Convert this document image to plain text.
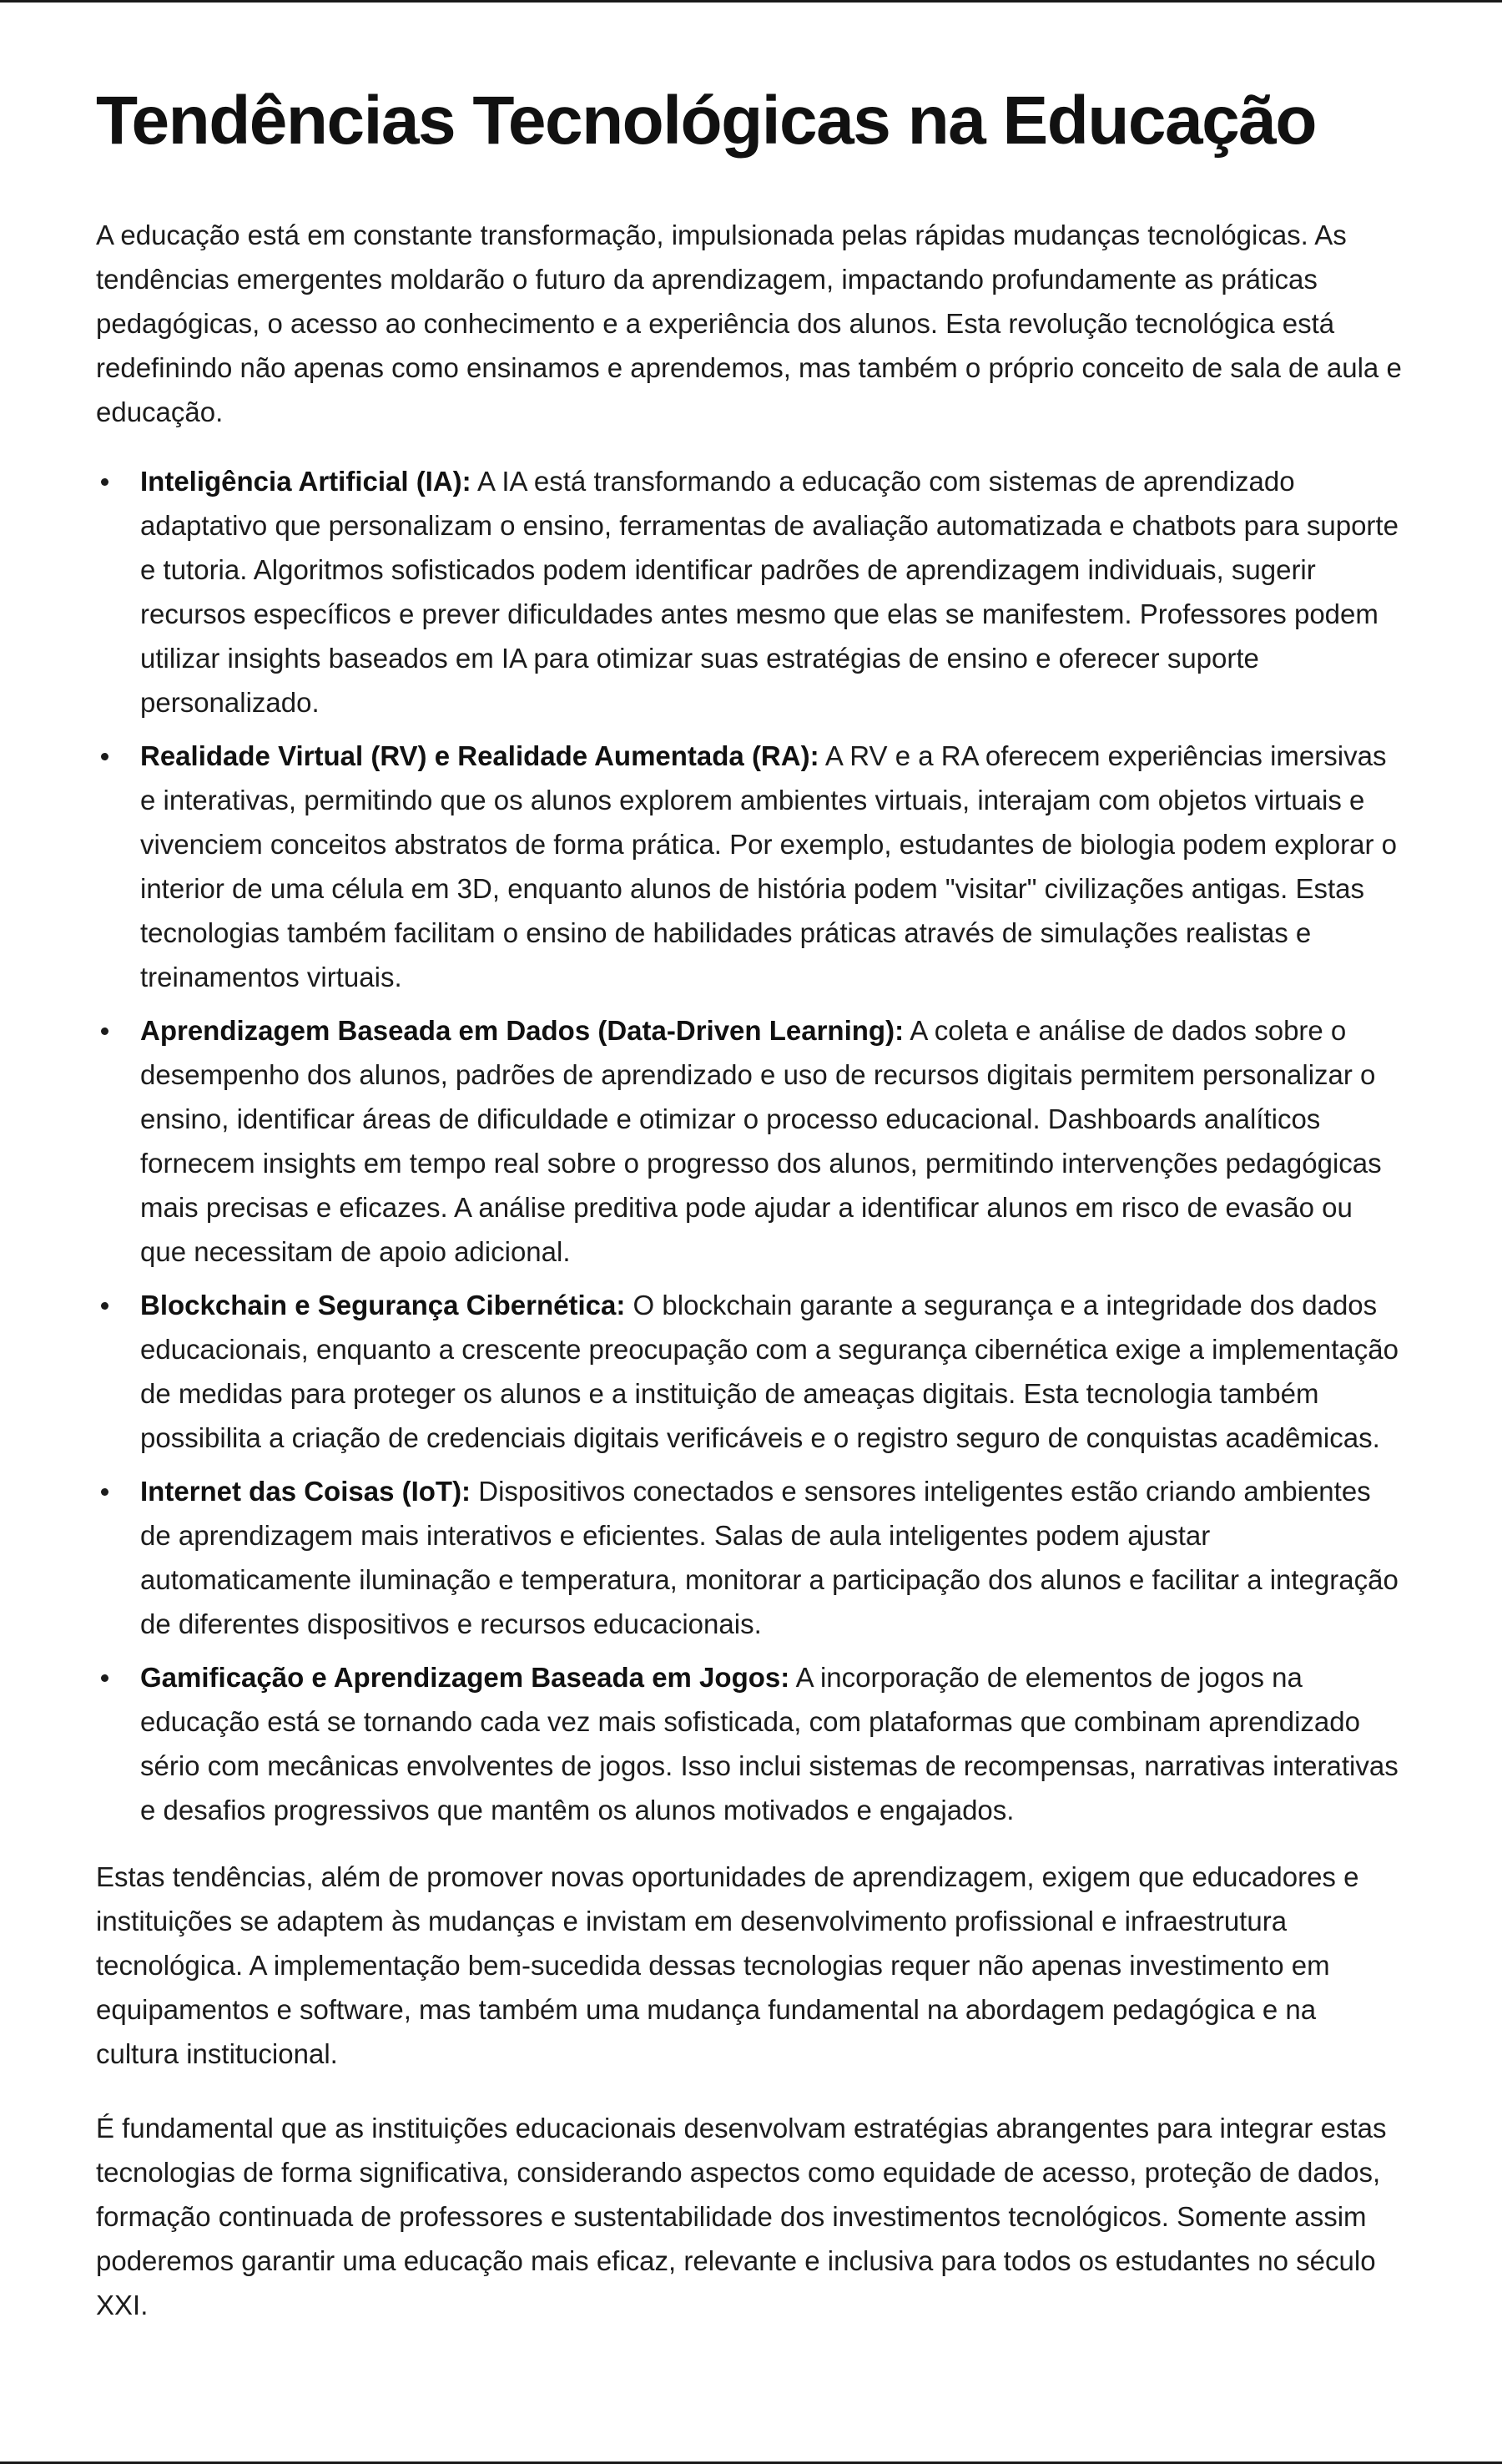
Tendências Tecnológicas na Educação

A educação está em constante transformação, impulsionada pelas rápidas mudanças tecnológicas. As tendências emergentes moldarão o futuro da aprendizagem, impactando profundamente as práticas pedagógicas, o acesso ao conhecimento e a experiência dos alunos. Esta revolução tecnológica está redefinindo não apenas como ensinamos e aprendemos, mas também o próprio conceito de sala de aula e educação.

Inteligência Artificial (IA): A IA está transformando a educação com sistemas de aprendizado adaptativo que personalizam o ensino, ferramentas de avaliação automatizada e chatbots para suporte e tutoria. Algoritmos sofisticados podem identificar padrões de aprendizagem individuais, sugerir recursos específicos e prever dificuldades antes mesmo que elas se manifestem. Professores podem utilizar insights baseados em IA para otimizar suas estratégias de ensino e oferecer suporte personalizado.
Realidade Virtual (RV) e Realidade Aumentada (RA): A RV e a RA oferecem experiências imersivas e interativas, permitindo que os alunos explorem ambientes virtuais, interajam com objetos virtuais e vivenciem conceitos abstratos de forma prática. Por exemplo, estudantes de biologia podem explorar o interior de uma célula em 3D, enquanto alunos de história podem "visitar" civilizações antigas. Estas tecnologias também facilitam o ensino de habilidades práticas através de simulações realistas e treinamentos virtuais.
Aprendizagem Baseada em Dados (Data-Driven Learning): A coleta e análise de dados sobre o desempenho dos alunos, padrões de aprendizado e uso de recursos digitais permitem personalizar o ensino, identificar áreas de dificuldade e otimizar o processo educacional. Dashboards analíticos fornecem insights em tempo real sobre o progresso dos alunos, permitindo intervenções pedagógicas mais precisas e eficazes. A análise preditiva pode ajudar a identificar alunos em risco de evasão ou que necessitam de apoio adicional.
Blockchain e Segurança Cibernética: O blockchain garante a segurança e a integridade dos dados educacionais, enquanto a crescente preocupação com a segurança cibernética exige a implementação de medidas para proteger os alunos e a instituição de ameaças digitais. Esta tecnologia também possibilita a criação de credenciais digitais verificáveis e o registro seguro de conquistas acadêmicas.
Internet das Coisas (IoT): Dispositivos conectados e sensores inteligentes estão criando ambientes de aprendizagem mais interativos e eficientes. Salas de aula inteligentes podem ajustar automaticamente iluminação e temperatura, monitorar a participação dos alunos e facilitar a integração de diferentes dispositivos e recursos educacionais.
Gamificação e Aprendizagem Baseada em Jogos: A incorporação de elementos de jogos na educação está se tornando cada vez mais sofisticada, com plataformas que combinam aprendizado sério com mecânicas envolventes de jogos. Isso inclui sistemas de recompensas, narrativas interativas e desafios progressivos que mantêm os alunos motivados e engajados.

Estas tendências, além de promover novas oportunidades de aprendizagem, exigem que educadores e instituições se adaptem às mudanças e invistam em desenvolvimento profissional e infraestrutura tecnológica. A implementação bem-sucedida dessas tecnologias requer não apenas investimento em equipamentos e software, mas também uma mudança fundamental na abordagem pedagógica e na cultura institucional.

É fundamental que as instituições educacionais desenvolvam estratégias abrangentes para integrar estas tecnologias de forma significativa, considerando aspectos como equidade de acesso, proteção de dados, formação continuada de professores e sustentabilidade dos investimentos tecnológicos. Somente assim poderemos garantir uma educação mais eficaz, relevante e inclusiva para todos os estudantes no século XXI.
